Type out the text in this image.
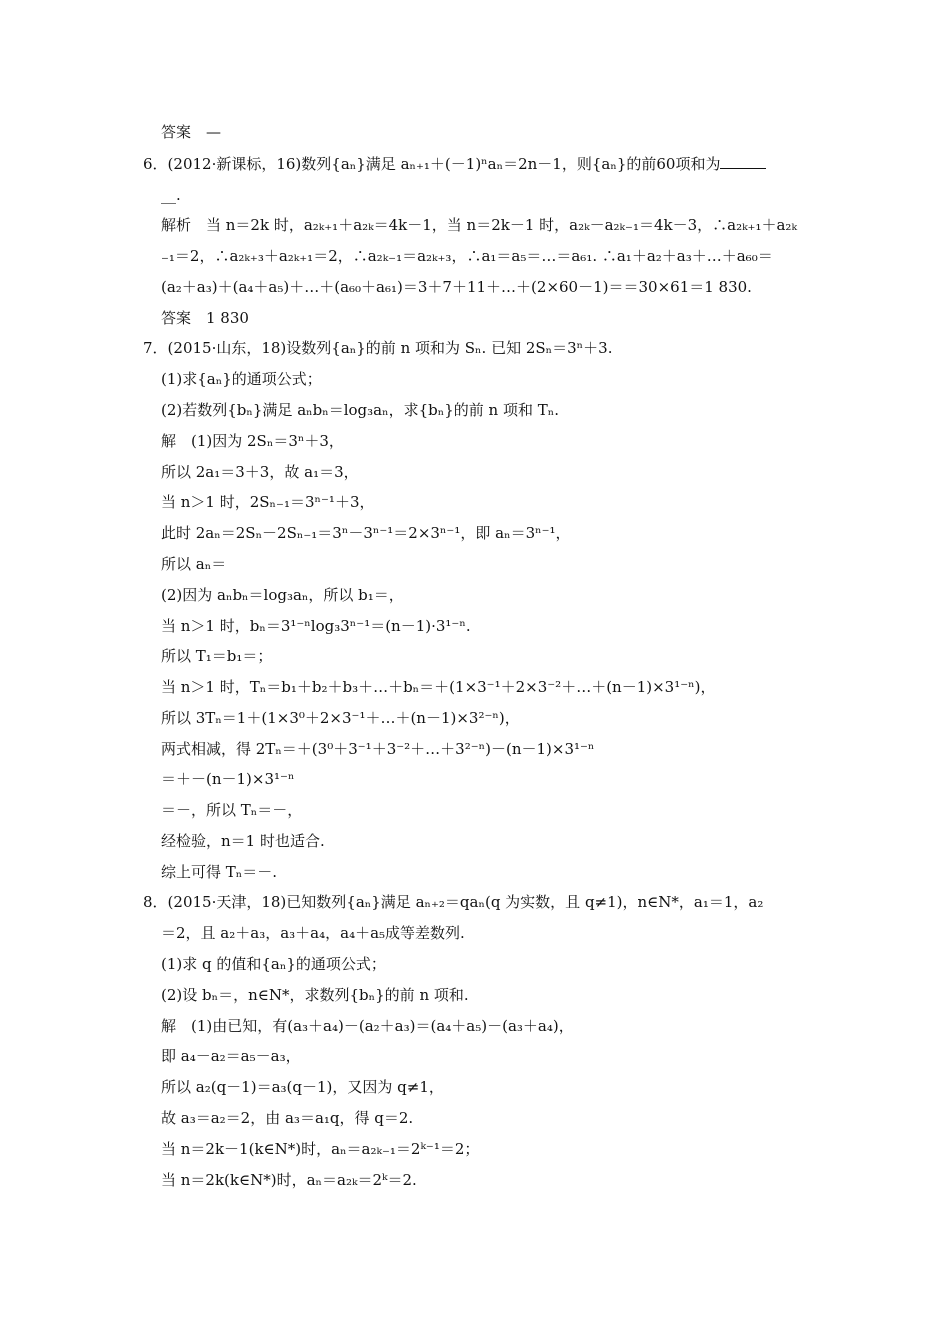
答案　—
6．(2012·新课标，16)数列{aₙ}满足 aₙ₊₁＋(－1)ⁿaₙ＝2n－1，则{aₙ}的前60项和为
__.
解析　当 n＝2k 时，a₂ₖ₊₁＋a₂ₖ＝4k－1，当 n＝2k－1 时，a₂ₖ－a₂ₖ₋₁＝4k－3，∴a₂ₖ₊₁＋a₂ₖ
₋₁＝2，∴a₂ₖ₊₃＋a₂ₖ₊₁＝2，∴a₂ₖ₋₁＝a₂ₖ₊₃，∴a₁＝a₅＝…＝a₆₁. ∴a₁＋a₂＋a₃＋…＋a₆₀＝
(a₂＋a₃)＋(a₄＋a₅)＋…＋(a₆₀＋a₆₁)＝3＋7＋11＋…＋(2×60－1)＝＝30×61＝1 830.
答案　1 830
7．(2015·山东，18)设数列{aₙ}的前 n 项和为 Sₙ. 已知 2Sₙ＝3ⁿ＋3.
(1)求{aₙ}的通项公式；
(2)若数列{bₙ}满足 aₙbₙ＝log₃aₙ，求{bₙ}的前 n 项和 Tₙ.
解　(1)因为 2Sₙ＝3ⁿ＋3，
所以 2a₁＝3＋3，故 a₁＝3，
当 n＞1 时，2Sₙ₋₁＝3ⁿ⁻¹＋3，
此时 2aₙ＝2Sₙ－2Sₙ₋₁＝3ⁿ－3ⁿ⁻¹＝2×3ⁿ⁻¹，即 aₙ＝3ⁿ⁻¹，
所以 aₙ＝
(2)因为 aₙbₙ＝log₃aₙ，所以 b₁＝，
当 n＞1 时，bₙ＝3¹⁻ⁿlog₃3ⁿ⁻¹＝(n－1)·3¹⁻ⁿ.
所以 T₁＝b₁＝；
当 n＞1 时，Tₙ＝b₁＋b₂＋b₃＋…＋bₙ＝＋(1×3⁻¹＋2×3⁻²＋…＋(n－1)×3¹⁻ⁿ)，
所以 3Tₙ＝1＋(1×3⁰＋2×3⁻¹＋…＋(n－1)×3²⁻ⁿ)，
两式相减，得 2Tₙ＝＋(3⁰＋3⁻¹＋3⁻²＋…＋3²⁻ⁿ)－(n－1)×3¹⁻ⁿ
＝＋－(n－1)×3¹⁻ⁿ
＝－，所以 Tₙ＝－，
经检验，n＝1 时也适合.
综上可得 Tₙ＝－.
8．(2015·天津，18)已知数列{aₙ}满足 aₙ₊₂＝qaₙ(q 为实数，且 q≠1)，n∈N*，a₁＝1，a₂
＝2，且 a₂＋a₃，a₃＋a₄，a₄＋a₅成等差数列.
(1)求 q 的值和{aₙ}的通项公式；
(2)设 bₙ＝，n∈N*，求数列{bₙ}的前 n 项和.
解　(1)由已知，有(a₃＋a₄)－(a₂＋a₃)＝(a₄＋a₅)－(a₃＋a₄)，
即 a₄－a₂＝a₅－a₃，
所以 a₂(q－1)＝a₃(q－1)，又因为 q≠1，
故 a₃＝a₂＝2，由 a₃＝a₁q，得 q＝2.
当 n＝2k－1(k∈N*)时，aₙ＝a₂ₖ₋₁＝2ᵏ⁻¹＝2；
当 n＝2k(k∈N*)时，aₙ＝a₂ₖ＝2ᵏ＝2.
